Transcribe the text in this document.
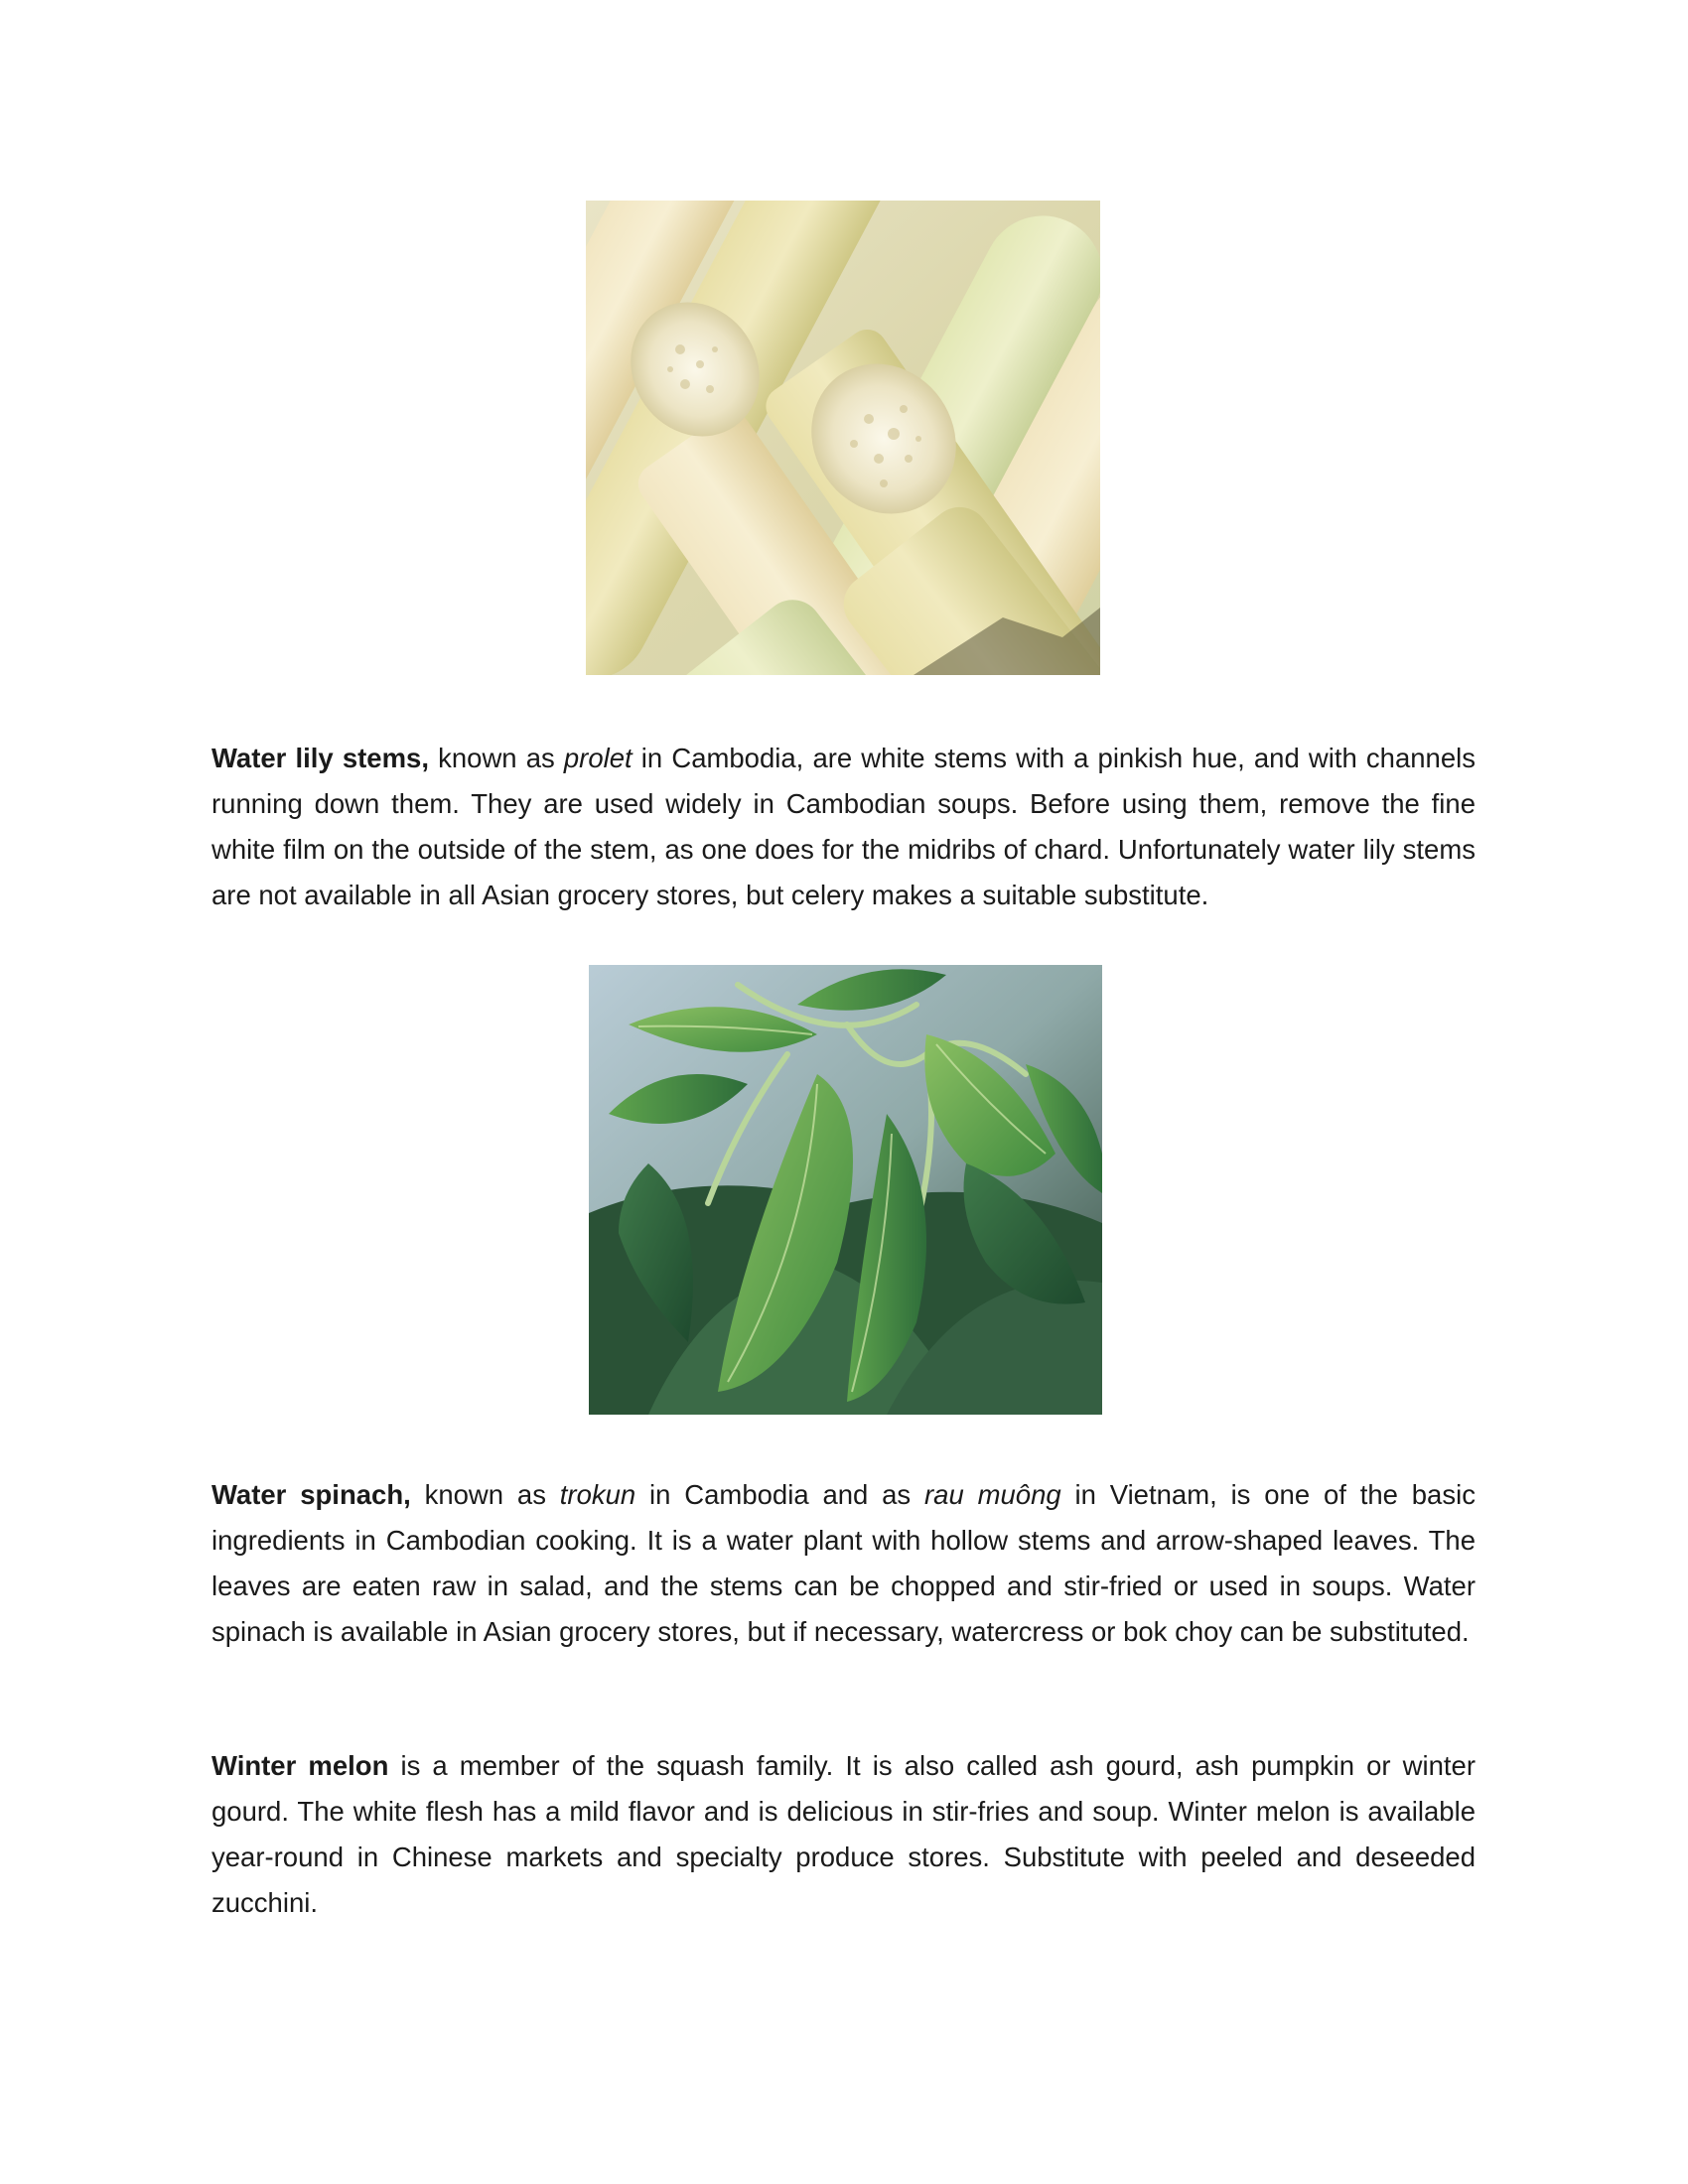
Water lily stems, known as prolet in Cambodia, are white stems with a pinkish hue, and with channels running down them. They are used widely in Cambodian soups. Before using them, remove the fine white film on the outside of the stem, as one does for the midribs of chard. Unfortunately water lily stems are not available in all Asian grocery stores, but celery makes a suitable substitute.

Water spinach, known as trokun in Cambodia and as rau muông in Vietnam, is one of the basic ingredients in Cambodian cooking. It is a water plant with hollow stems and arrow-shaped leaves. The leaves are eaten raw in salad, and the stems can be chopped and stir-fried or used in soups. Water spinach is available in Asian grocery stores, but if necessary, watercress or bok choy can be substituted.

Winter melon is a member of the squash family. It is also called ash gourd, ash pumpkin or winter gourd. The white flesh has a mild flavor and is delicious in stir-fries and soup. Winter melon is available year-round in Chinese markets and specialty produce stores. Substitute with peeled and deseeded zucchini.
